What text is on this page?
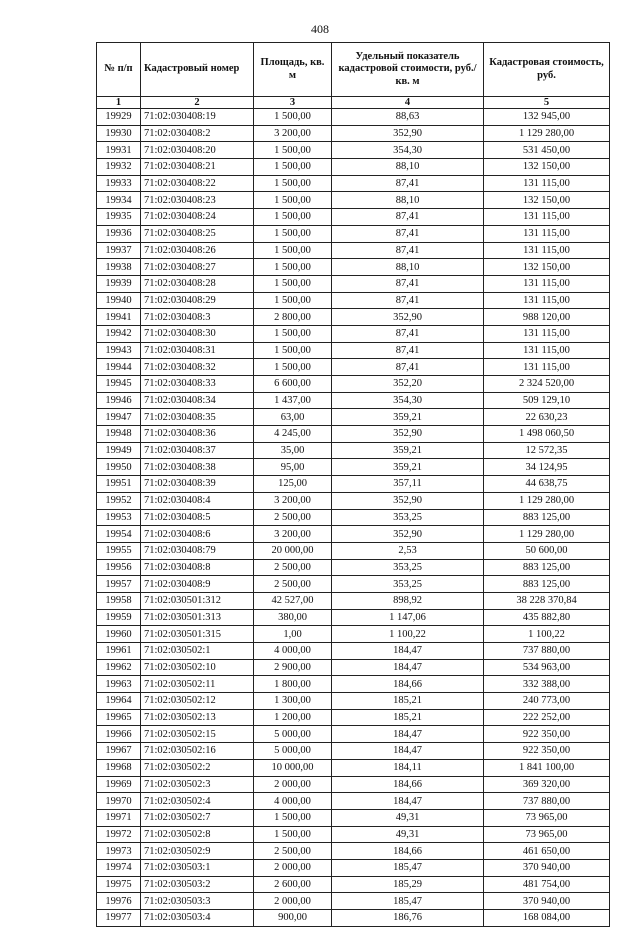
408
№ п/п	Кадастровый номер	Площадь, кв. м	Удельный показатель кадастровой стоимости, руб./кв. м	Кадастровая стоимость, руб.
1	2	3	4	5
19929	71:02:030408:19	1 500,00	88,63	132 945,00
19930	71:02:030408:2	3 200,00	352,90	1 129 280,00
19931	71:02:030408:20	1 500,00	354,30	531 450,00
19932	71:02:030408:21	1 500,00	88,10	132 150,00
19933	71:02:030408:22	1 500,00	87,41	131 115,00
19934	71:02:030408:23	1 500,00	88,10	132 150,00
19935	71:02:030408:24	1 500,00	87,41	131 115,00
19936	71:02:030408:25	1 500,00	87,41	131 115,00
19937	71:02:030408:26	1 500,00	87,41	131 115,00
19938	71:02:030408:27	1 500,00	88,10	132 150,00
19939	71:02:030408:28	1 500,00	87,41	131 115,00
19940	71:02:030408:29	1 500,00	87,41	131 115,00
19941	71:02:030408:3	2 800,00	352,90	988 120,00
19942	71:02:030408:30	1 500,00	87,41	131 115,00
19943	71:02:030408:31	1 500,00	87,41	131 115,00
19944	71:02:030408:32	1 500,00	87,41	131 115,00
19945	71:02:030408:33	6 600,00	352,20	2 324 520,00
19946	71:02:030408:34	1 437,00	354,30	509 129,10
19947	71:02:030408:35	63,00	359,21	22 630,23
19948	71:02:030408:36	4 245,00	352,90	1 498 060,50
19949	71:02:030408:37	35,00	359,21	12 572,35
19950	71:02:030408:38	95,00	359,21	34 124,95
19951	71:02:030408:39	125,00	357,11	44 638,75
19952	71:02:030408:4	3 200,00	352,90	1 129 280,00
19953	71:02:030408:5	2 500,00	353,25	883 125,00
19954	71:02:030408:6	3 200,00	352,90	1 129 280,00
19955	71:02:030408:79	20 000,00	2,53	50 600,00
19956	71:02:030408:8	2 500,00	353,25	883 125,00
19957	71:02:030408:9	2 500,00	353,25	883 125,00
19958	71:02:030501:312	42 527,00	898,92	38 228 370,84
19959	71:02:030501:313	380,00	1 147,06	435 882,80
19960	71:02:030501:315	1,00	1 100,22	1 100,22
19961	71:02:030502:1	4 000,00	184,47	737 880,00
19962	71:02:030502:10	2 900,00	184,47	534 963,00
19963	71:02:030502:11	1 800,00	184,66	332 388,00
19964	71:02:030502:12	1 300,00	185,21	240 773,00
19965	71:02:030502:13	1 200,00	185,21	222 252,00
19966	71:02:030502:15	5 000,00	184,47	922 350,00
19967	71:02:030502:16	5 000,00	184,47	922 350,00
19968	71:02:030502:2	10 000,00	184,11	1 841 100,00
19969	71:02:030502:3	2 000,00	184,66	369 320,00
19970	71:02:030502:4	4 000,00	184,47	737 880,00
19971	71:02:030502:7	1 500,00	49,31	73 965,00
19972	71:02:030502:8	1 500,00	49,31	73 965,00
19973	71:02:030502:9	2 500,00	184,66	461 650,00
19974	71:02:030503:1	2 000,00	185,47	370 940,00
19975	71:02:030503:2	2 600,00	185,29	481 754,00
19976	71:02:030503:3	2 000,00	185,47	370 940,00
19977	71:02:030503:4	900,00	186,76	168 084,00
